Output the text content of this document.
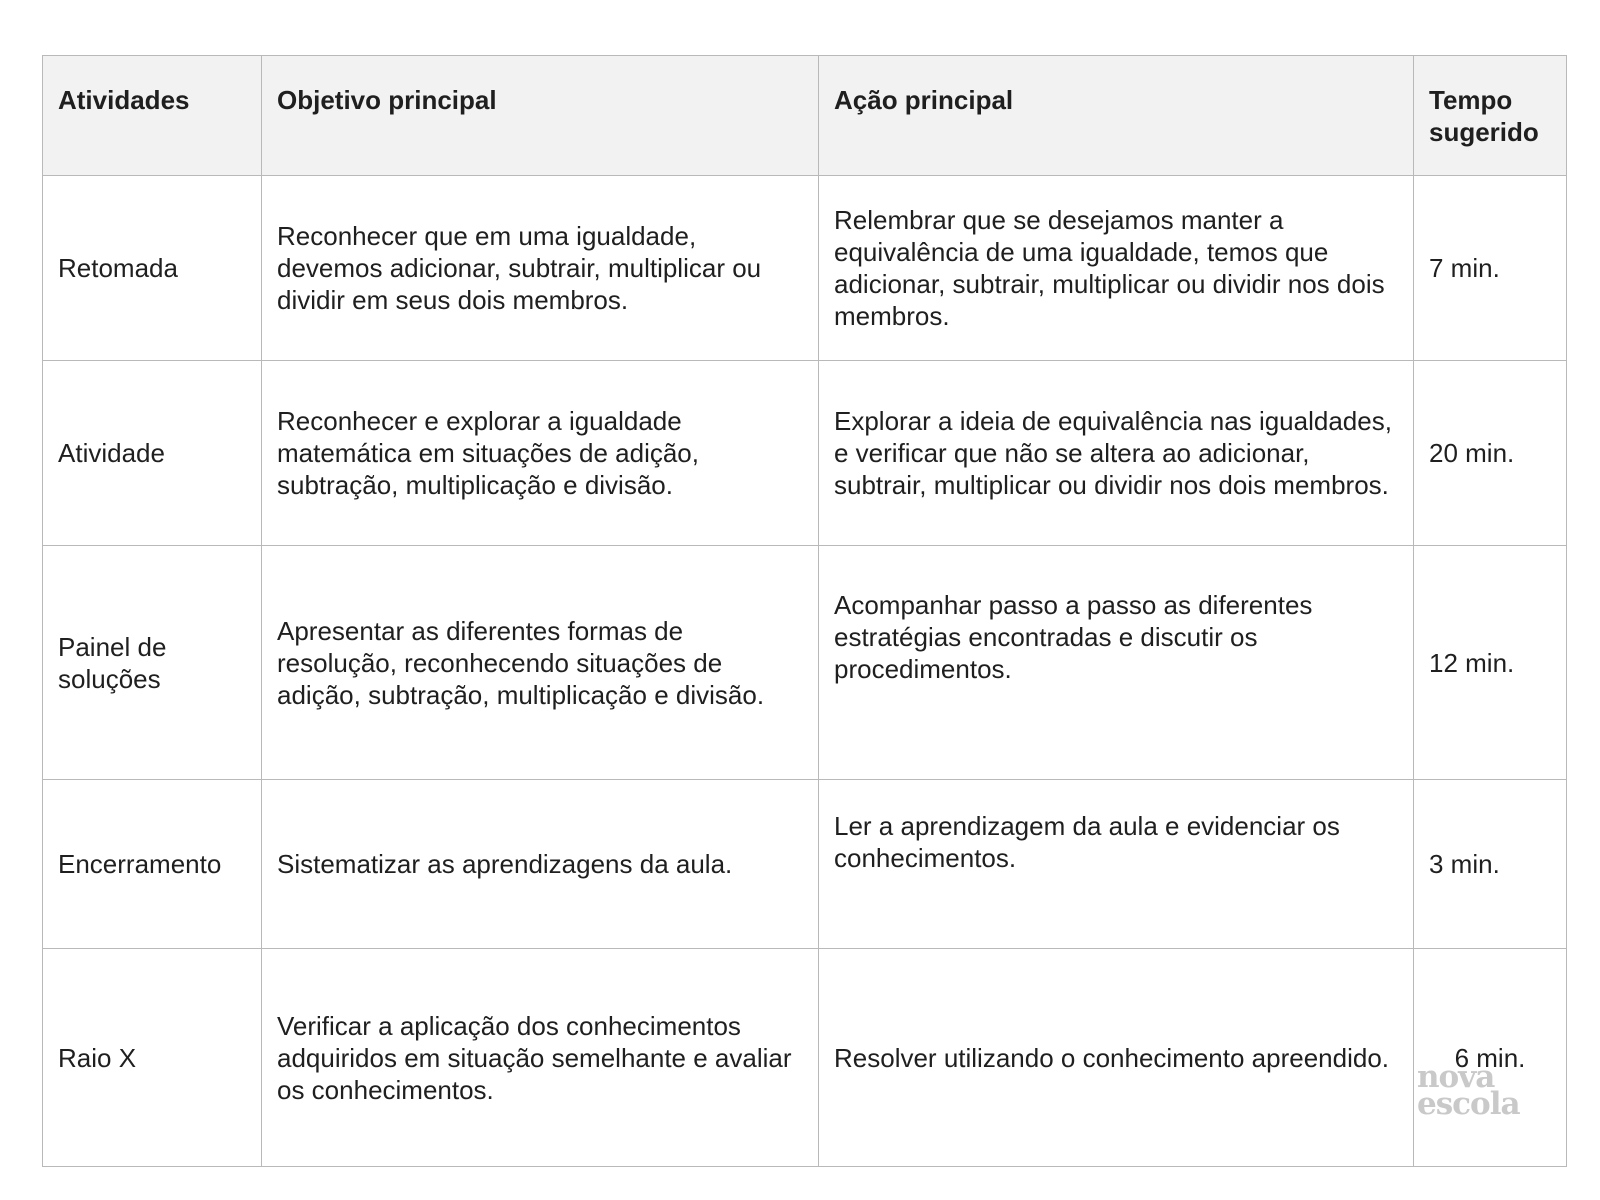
Atividades	Objetivo principal	Ação principal	Tempo sugerido
Retomada	Reconhecer que em uma igualdade, devemos adicionar, subtrair, multiplicar ou dividir em seus dois membros.	Relembrar que se desejamos manter a equivalência de uma igualdade, temos que adicionar, subtrair, multiplicar ou dividir nos dois membros.	7 min.
Atividade	Reconhecer e explorar a igualdade matemática em situações de adição, subtração, multiplicação e divisão.	Explorar a ideia de equivalência nas igualdades, e verificar que não se altera ao adicionar, subtrair, multiplicar ou dividir nos dois membros.	20 min.
Painel de soluções	Apresentar as diferentes formas de resolução, reconhecendo situações de adição, subtração, multiplicação e divisão.	Acompanhar passo a passo as diferentes estratégias encontradas e discutir os procedimentos.	12 min.
Encerramento	Sistematizar as aprendizagens da aula.	Ler a aprendizagem da aula e evidenciar os conhecimentos.	3 min.
Raio X	Verificar a aplicação dos conhecimentos adquiridos em situação semelhante e avaliar os conhecimentos.	Resolver utilizando o conhecimento apreendido.	6 min.
nova
escola
